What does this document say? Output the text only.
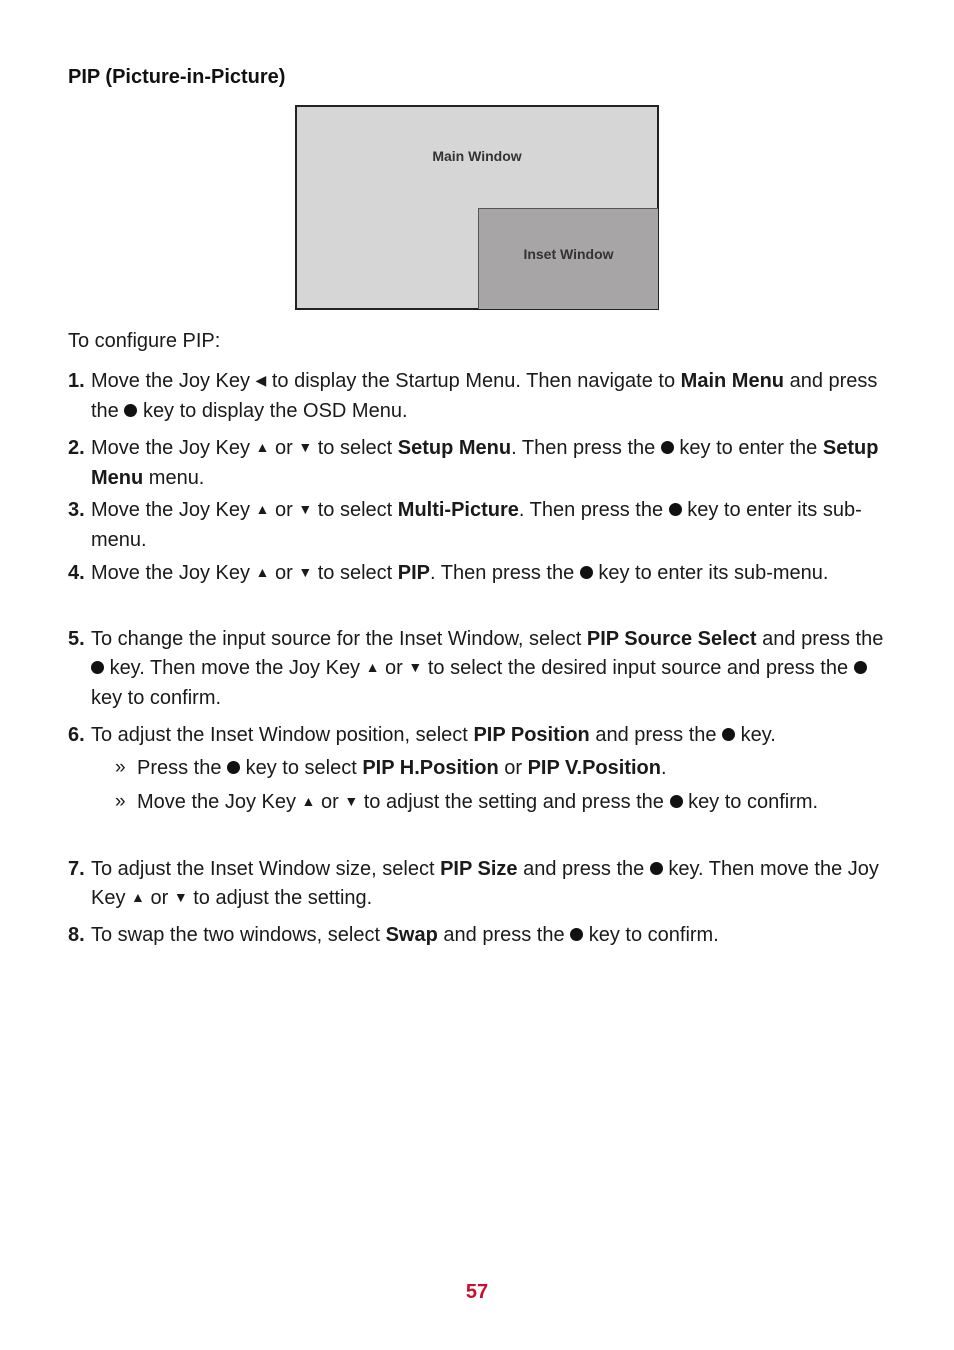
PIP (Picture-in-Picture)
Main Window
Inset Window
To configure PIP:
1. Move the Joy Key ◀ to display the Startup Menu. Then navigate to Main Menu and press the key to display the OSD Menu.
2. Move the Joy Key ▲ or ▼ to select Setup Menu. Then press the key to enter the Setup Menu menu.
3. Move the Joy Key ▲ or ▼ to select Multi-Picture. Then press the key to enter its sub-menu.
4. Move the Joy Key ▲ or ▼ to select PIP. Then press the key to enter its sub-menu.
5. To change the input source for the Inset Window, select PIP Source Select and press the  key. Then move the Joy Key ▲ or ▼ to select the desired input source and press the  key to confirm.
6. To adjust the Inset Window position, select PIP Position and press the key.
» Press the key to select PIP H.Position or PIP V.Position.
» Move the Joy Key ▲ or ▼ to adjust the setting and press the key to confirm.
7. To adjust the Inset Window size, select PIP Size and press the key. Then move the Joy Key ▲ or ▼ to adjust the setting.
8. To swap the two windows, select Swap and press the key to confirm.
57
